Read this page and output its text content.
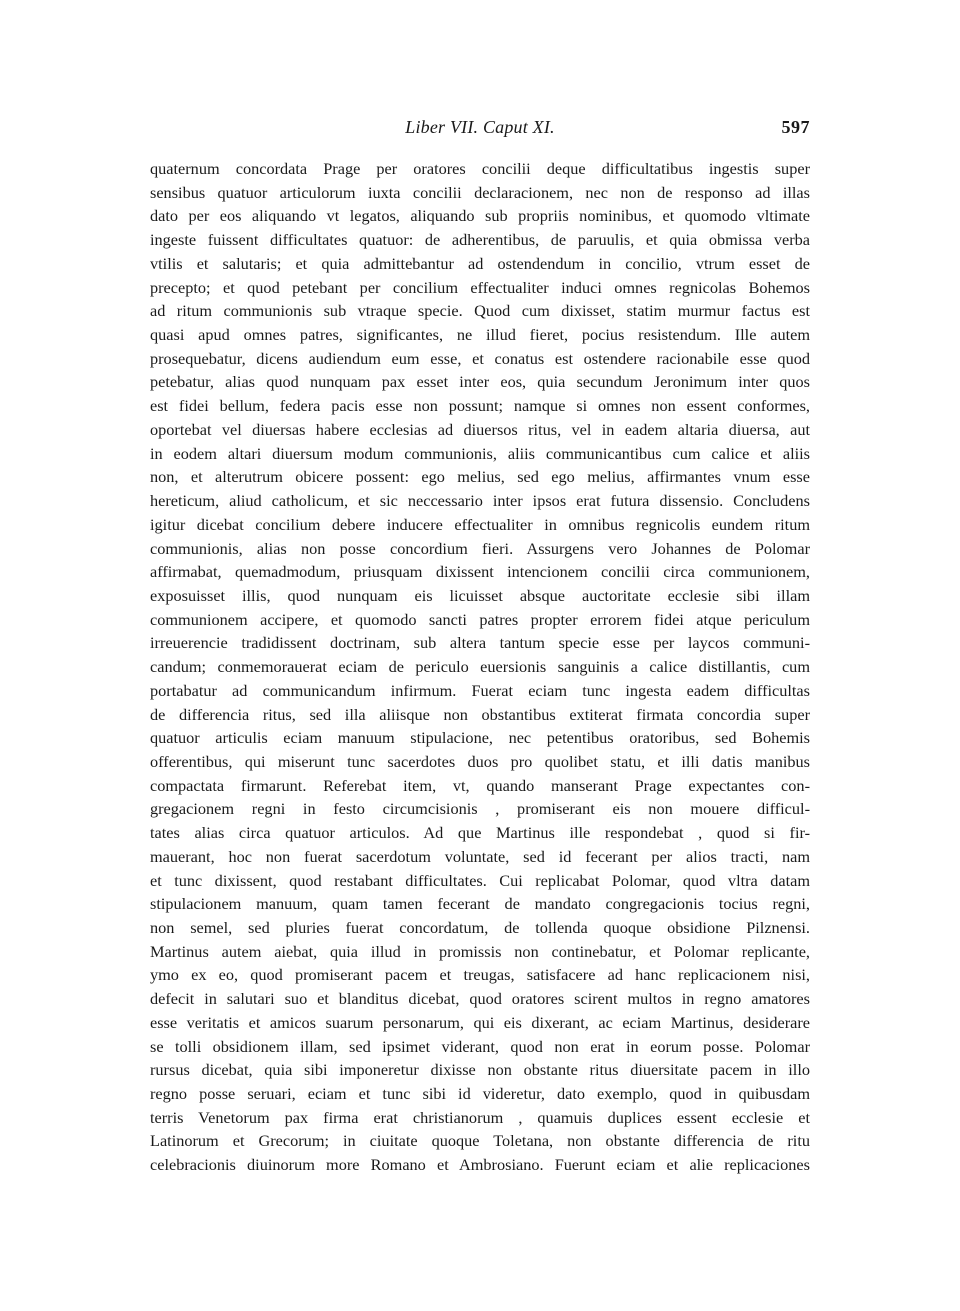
Liber VII. Caput XI.	597
quaternum concordata Prage per oratores concilii deque difficultatibus ingestis super
sensibus quatuor articulorum iuxta concilii declaracionem, nec non de responso ad illas
dato per eos aliquando vt legatos, aliquando sub propriis nominibus, et quomodo vltimate
ingeste fuissent difficultates quatuor: de adherentibus, de paruulis, et quia obmissa verba
vtilis et salutaris; et quia admittebantur ad ostendendum in concilio, vtrum esset de
precepto; et quod petebant per concilium effectualiter induci omnes regnicolas Bohemos
ad ritum communionis sub vtraque specie. Quod cum dixisset, statim murmur factus est
quasi apud omnes patres, significantes, ne illud fieret, pocius resistendum. Ille autem
prosequebatur, dicens audiendum eum esse, et conatus est ostendere racionabile esse quod
petebatur, alias quod nunquam pax esset inter eos, quia secundum Jeronimum inter quos
est fidei bellum, federa pacis esse non possunt; namque si omnes non essent conformes,
oportebat vel diuersas habere ecclesias ad diuersos ritus, vel in eadem altaria diuersa, aut
in eodem altari diuersum modum communionis, aliis communicantibus cum calice et aliis
non, et alterutrum obicere possent: ego melius, sed ego melius, affirmantes vnum esse
hereticum, aliud catholicum, et sic neccessario inter ipsos erat futura dissensio. Concludens
igitur dicebat concilium debere inducere effectualiter in omnibus regnicolis eundem ritum
communionis, alias non posse concordium fieri. Assurgens vero Johannes de Polomar
affirmabat, quemadmodum, priusquam dixissent intencionem concilii circa communionem,
exposuisset illis, quod nunquam eis licuisset absque auctoritate ecclesie sibi illam
communionem accipere, et quomodo sancti patres propter errorem fidei atque periculum
irreuerencie tradidissent doctrinam, sub altera tantum specie esse per laycos communi-
candum; conmemorauerat eciam de periculo euersionis sanguinis a calice distillantis, cum
portabatur ad communicandum infirmum. Fuerat eciam tunc ingesta eadem difficultas
de differencia ritus, sed illa aliisque non obstantibus extiterat firmata concordia super
quatuor articulis eciam manuum stipulacione, nec petentibus oratoribus, sed Bohemis
offerentibus, qui miserunt tunc sacerdotes duos pro quolibet statu, et illi datis manibus
compactata firmarunt. Referebat item, vt, quando manserant Prage expectantes con-
gregacionem regni in festo circumcisionis , promiserant eis non mouere difficul-
tates alias circa quatuor articulos. Ad que Martinus ille respondebat , quod si fir-
mauerant, hoc non fuerat sacerdotum voluntate, sed id fecerant per alios tracti, nam
et tunc dixissent, quod restabant difficultates. Cui replicabat Polomar, quod vltra datam
stipulacionem manuum, quam tamen fecerant de mandato congregacionis tocius regni,
non semel, sed pluries fuerat concordatum, de tollenda quoque obsidione Pilznensi.
Martinus autem aiebat, quia illud in promissis non continebatur, et Polomar replicante,
ymo ex eo, quod promiserant pacem et treugas, satisfacere ad hanc replicacionem nisi,
defecit in salutari suo et blanditus dicebat, quod oratores scirent multos in regno amatores
esse veritatis et amicos suarum personarum, qui eis dixerant, ac eciam Martinus, desiderare
se tolli obsidionem illam, sed ipsimet viderant, quod non erat in eorum posse. Polomar
rursus dicebat, quia sibi imponeretur dixisse non obstante ritus diuersitate pacem in illo
regno posse seruari, eciam et tunc sibi id videretur, dato exemplo, quod in quibusdam
terris Venetorum pax firma erat christianorum , quamuis duplices essent ecclesie et
Latinorum et Grecorum; in ciuitate quoque Toletana, non obstante differencia de ritu
celebracionis diuinorum more Romano et Ambrosiano. Fuerunt eciam et alie replicaciones
